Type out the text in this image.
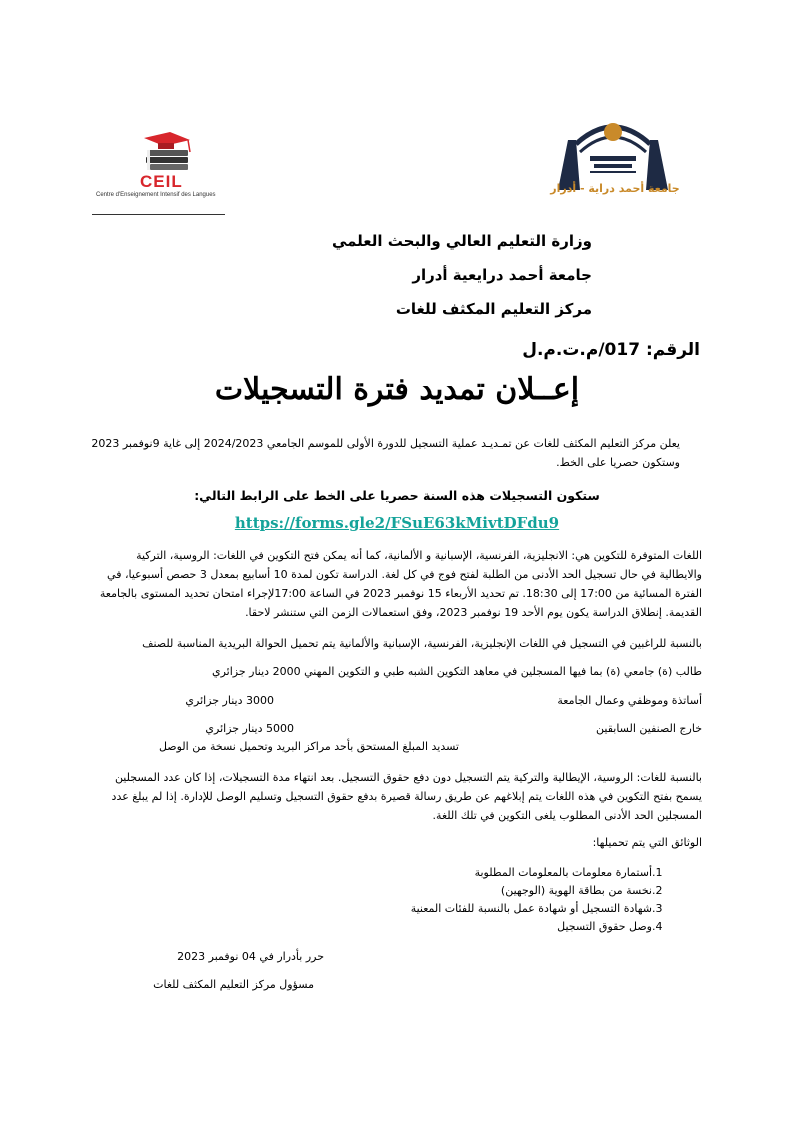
CEIL
Centre d'Enseignement Intensif des Langues	جامعة أحمد دراية - أدرار
وزارة التعليم العالي والبحث العلمي
جامعة أحمد درايعية أدرار
مركز التعليم المكثف للغات
الرقم: 017/م.ت.م.ل
إعــلان تمديد فترة التسجيلات
يعلن مركز التعليم المكثف للغات عن تمـديـد عملية التسجيل للدورة الأولى للموسم الجامعي 2024/2023 إلى غاية 9نوفمبر 2023 وستكون حصريا على الخط.
ستكون التسجيلات هذه السنة حصريا على الخط على الرابط التالي:
https://forms.gle2/FSuE63kMivtDFdu9
اللغات المتوفرة للتكوين هي: الانجليزية، الفرنسية، الإسبانية و الألمانية، كما أنه يمكن فتح التكوين في اللغات: الروسية، التركية والايطالية في حال تسجيل الحد الأدنى من الطلبة لفتح فوج في كل لغة. الدراسة تكون لمدة 10 أسابيع بمعدل 3 حصص أسبوعيا، في الفترة المسائية من 17:00 إلى 18:30. تم تحديد الأربعاء 15 نوفمبر 2023 في الساعة 17:00لإجراء امتحان تحديد المستوى بالجامعة القديمة. إنطلاق الدراسة يكون يوم الأحد 19 نوفمبر 2023، وفق استعمالات الزمن التي ستنشر لاحقا.
بالنسبة للراغبين في التسجيل في اللغات الإنجليزية، الفرنسية، الإسبانية والألمانية يتم تحميل الحوالة البريدية المناسبة للصنف
طالب (ة) جامعي (ة) بما فيها المسجلين في معاهد التكوين الشبه طبي و التكوين المهني 2000 دينار جزائري
أساتذة وموظفي وعمال الجامعة
3000 دينار جزائري
خارج الصنفين السابقين
5000 دينار جزائري
تسديد المبلغ المستحق بأحد مراكز البريد وتحميل نسخة من الوصل
بالنسبة للغات: الروسية، الإيطالية والتركية يتم التسجيل دون دفع حقوق التسجيل. بعد انتهاء مدة التسجيلات، إذا كان عدد المسجلين يسمح بفتح التكوين في هذه اللغات يتم إبلاغهم عن طريق رسالة قصيرة بدفع حقوق التسجيل وتسليم الوصل للإدارة. إذا لم يبلغ عدد المسجلين الحد الأدنى المطلوب يلغى التكوين في تلك اللغة.
الوثائق التي يتم تحميلها:
1.أستمارة معلومات بالمعلومات المطلوبة
2.نخسة من بطاقة الهوية (الوجهين)
3.شهادة التسجيل أو شهادة عمل بالنسبة للفئات المعنية
4.وصل حقوق التسجيل
حرر بأدرار في 04 نوفمبر 2023
مسؤول مركز التعليم المكثف للغات
